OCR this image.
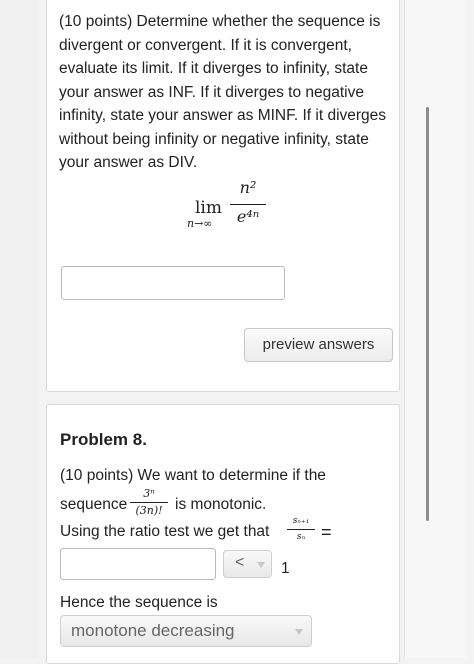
(10 points) Determine whether the sequence is divergent or convergent. If it is convergent, evaluate its limit. If it diverges to infinity, state your answer as INF. If it diverges to negative infinity, state your answer as MINF. If it diverges without being infinity or negative infinity, state your answer as DIV.

lim
n→∞
n²
e⁴ⁿ
preview answers

Problem 8.

(10 points) We want to determine if the
sequence
3ⁿ
(3n)! is monotonic.
Using the ratio test we get that
sₙ₊₁
sₙ =
< 1
Hence the sequence is
monotone decreasing
